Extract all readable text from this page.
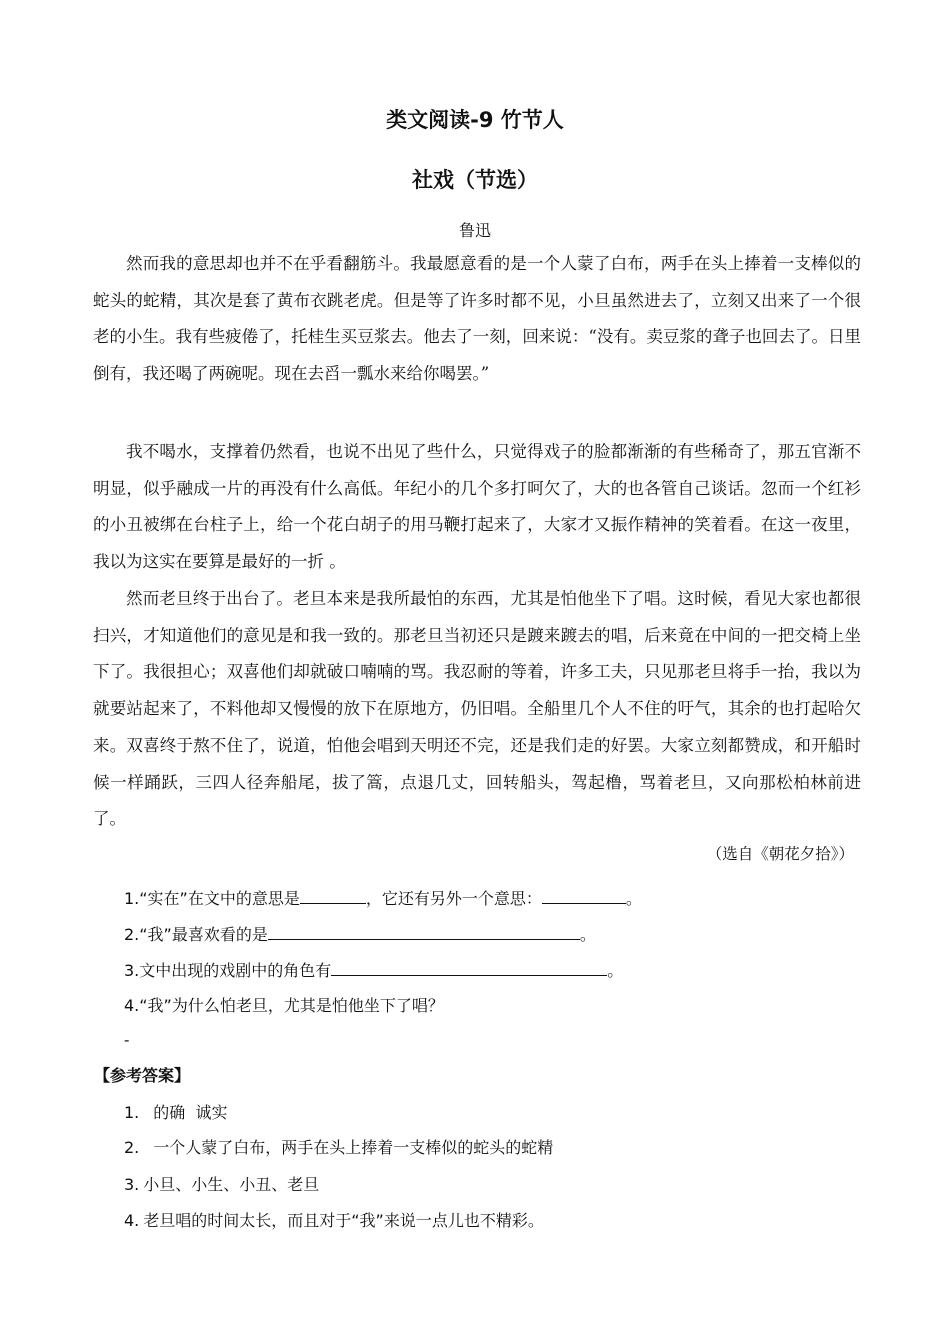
类文阅读-9 竹节人
社戏（节选）
鲁迅

然而我的意思却也并不在乎看翻筋斗。我最愿意看的是一个人蒙了白布，两手在头上捧着一支棒似的蛇头的蛇精，其次是套了黄布衣跳老虎。但是等了许多时都不见，小旦虽然进去了，立刻又出来了一个很老的小生。我有些疲倦了，托桂生买豆浆去。他去了一刻，回来说：“没有。卖豆浆的聋子也回去了。日里倒有，我还喝了两碗呢。现在去舀一瓢水来给你喝罢。”

我不喝水，支撑着仍然看，也说不出见了些什么，只觉得戏子的脸都渐渐的有些稀奇了，那五官渐不明显，似乎融成一片的再没有什么高低。年纪小的几个多打呵欠了，大的也各管自己谈话。忽而一个红衫的小丑被绑在台柱子上，给一个花白胡子的用马鞭打起来了，大家才又振作精神的笑着看。在这一夜里，我以为这实在要算是最好的一折 。

然而老旦终于出台了。老旦本来是我所最怕的东西，尤其是怕他坐下了唱。这时候，看见大家也都很扫兴，才知道他们的意见是和我一致的。那老旦当初还只是踱来踱去的唱，后来竟在中间的一把交椅上坐下了。我很担心；双喜他们却就破口喃喃的骂。我忍耐的等着，许多工夫，只见那老旦将手一抬，我以为就要站起来了，不料他却又慢慢的放下在原地方，仍旧唱。全船里几个人不住的吁气，其余的也打起哈欠来。双喜终于熬不住了，说道，怕他会唱到天明还不完，还是我们走的好罢。大家立刻都赞成，和开船时候一样踊跃，三四人径奔船尾，拔了篙，点退几丈，回转船头，驾起橹，骂着老旦，又向那松柏林前进了。

（选自《朝花夕拾》）
1.“实在”在文中的意思是	，它还有另外一个意思：	。
2.“我”最喜欢看的是	。
3.文中出现的戏剧中的角色有	。
4.“我”为什么怕老旦，尤其是怕他坐下了唱？
-
【参考答案】
1. 的确  诚实
2. 一个人蒙了白布，两手在头上捧着一支棒似的蛇头的蛇精
3. 小旦、小生、小丑、老旦
4. 老旦唱的时间太长，而且对于“我”来说一点儿也不精彩。
